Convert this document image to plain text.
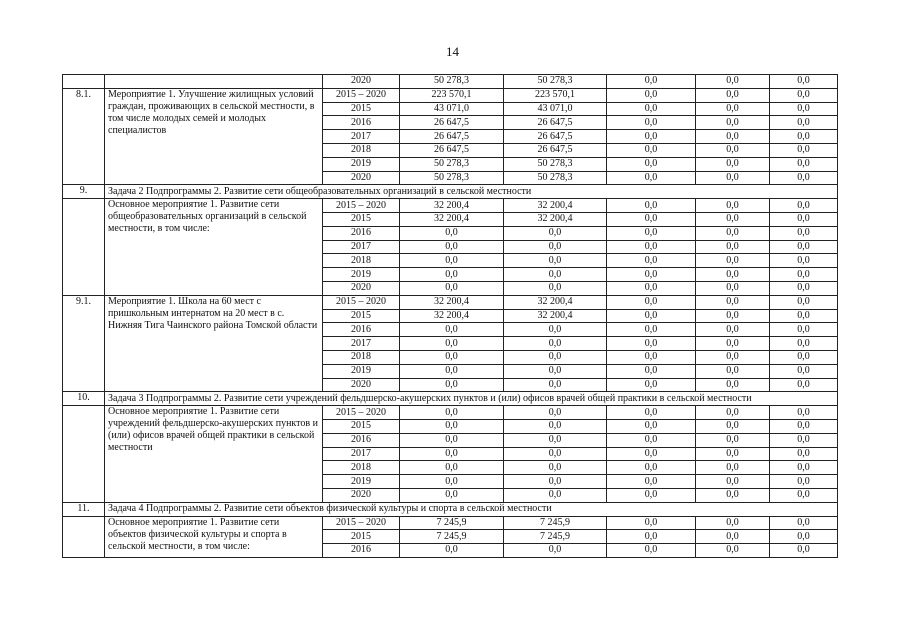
14
		2020	50 278,3	50 278,3	0,0	0,0	0,0
8.1.	Мероприятие 1. Улучшение жилищных условий граждан, проживающих в сельской местности, в том числе молодых семей и молодых специалистов	2015 – 2020	223 570,1	223 570,1	0,0	0,0	0,0
		2015	43 071,0	43 071,0	0,0	0,0	0,0
		2016	26 647,5	26 647,5	0,0	0,0	0,0
		2017	26 647,5	26 647,5	0,0	0,0	0,0
		2018	26 647,5	26 647,5	0,0	0,0	0,0
		2019	50 278,3	50 278,3	0,0	0,0	0,0
		2020	50 278,3	50 278,3	0,0	0,0	0,0
9.	Задача 2 Подпрограммы 2. Развитие сети общеобразовательных организаций в сельской местности						
	Основное мероприятие 1. Развитие сети общеобразовательных организаций в сельской местности, в том числе:	2015 – 2020	32 200,4	32 200,4	0,0	0,0	0,0
		2015	32 200,4	32 200,4	0,0	0,0	0,0
		2016	0,0	0,0	0,0	0,0	0,0
		2017	0,0	0,0	0,0	0,0	0,0
		2018	0,0	0,0	0,0	0,0	0,0
		2019	0,0	0,0	0,0	0,0	0,0
		2020	0,0	0,0	0,0	0,0	0,0
9.1.	Мероприятие 1. Школа на 60 мест с пришкольным интернатом на 20 мест в с. Нижняя Тига Чаинского района Томской области	2015 – 2020	32 200,4	32 200,4	0,0	0,0	0,0
		2015	32 200,4	32 200,4	0,0	0,0	0,0
		2016	0,0	0,0	0,0	0,0	0,0
		2017	0,0	0,0	0,0	0,0	0,0
		2018	0,0	0,0	0,0	0,0	0,0
		2019	0,0	0,0	0,0	0,0	0,0
		2020	0,0	0,0	0,0	0,0	0,0
10.	Задача 3 Подпрограммы 2. Развитие сети учреждений фельдшерско-акушерских пунктов и (или) офисов врачей общей практики в сельской местности						
	Основное мероприятие 1. Развитие сети учреждений фельдшерско-акушерских пунктов и (или) офисов врачей общей практики в сельской местности	2015 – 2020	0,0	0,0	0,0	0,0	0,0
		2015	0,0	0,0	0,0	0,0	0,0
		2016	0,0	0,0	0,0	0,0	0,0
		2017	0,0	0,0	0,0	0,0	0,0
		2018	0,0	0,0	0,0	0,0	0,0
		2019	0,0	0,0	0,0	0,0	0,0
		2020	0,0	0,0	0,0	0,0	0,0
11.	Задача 4 Подпрограммы 2. Развитие сети объектов физической культуры и спорта в сельской местности						
	Основное мероприятие 1. Развитие сети объектов физической культуры и спорта в сельской местности, в том числе:	2015 – 2020	7 245,9	7 245,9	0,0	0,0	0,0
		2015	7 245,9	7 245,9	0,0	0,0	0,0
		2016	0,0	0,0	0,0	0,0	0,0
